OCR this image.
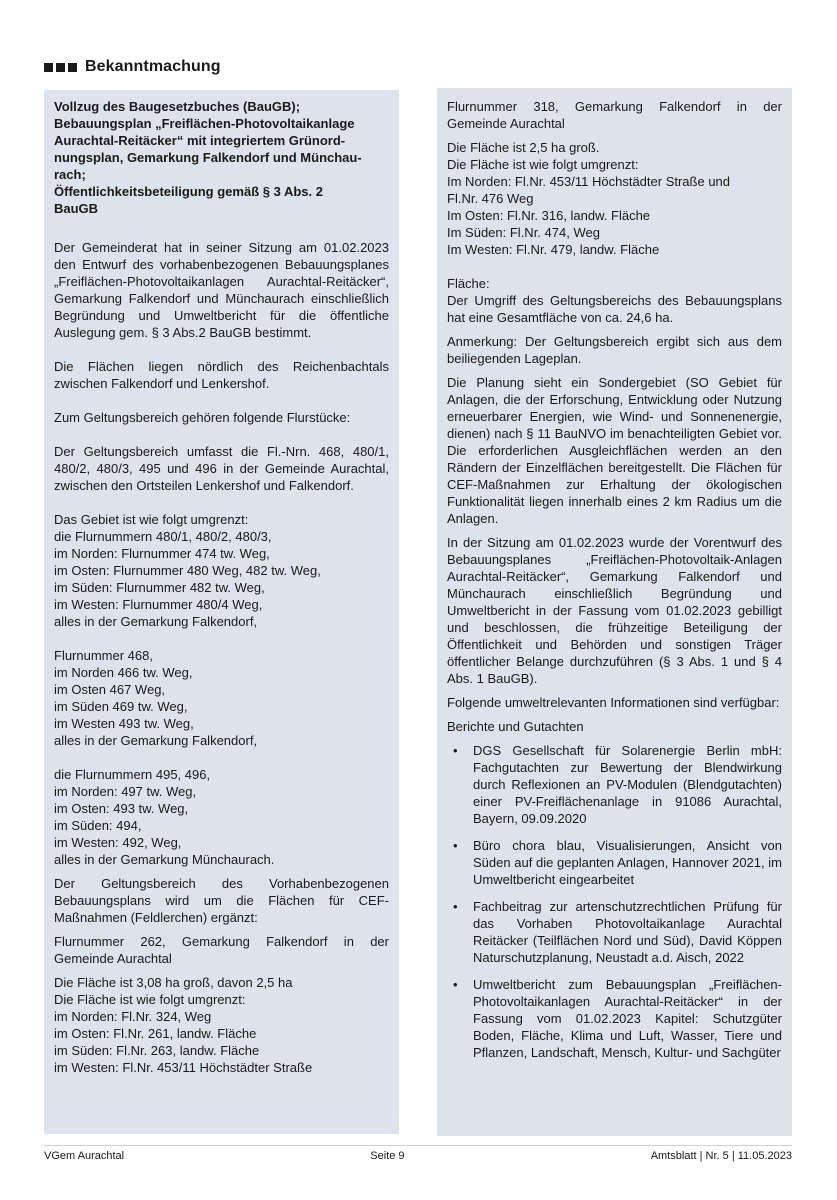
Bekanntmachung
Vollzug des Baugesetzbuches (BauGB);
Bebauungsplan „Freiflächen-Photovoltaikanlage
Aurachtal-Reitäcker“ mit integriertem Grünord-
nungsplan, Gemarkung Falkendorf und Münchau-
rach;
Öffentlichkeitsbeteiligung gemäß § 3 Abs. 2
BauGB

Der Gemeinderat hat in seiner Sitzung am 01.02.2023 den Entwurf des vorhabenbezogenen Bebauungsplanes „Freiflächen-Photovoltaikanlagen Aurachtal-Reitäcker“, Gemarkung Falkendorf und Münchaurach einschließlich Begründung und Umweltbericht für die öffentliche Auslegung gem. § 3 Abs.2 BauGB bestimmt.

Die Flächen liegen nördlich des Reichenbachtals zwischen Falkendorf und Lenkershof.

Zum Geltungsbereich gehören folgende Flurstücke:

Der Geltungsbereich umfasst die Fl.-Nrn. 468, 480/1, 480/2, 480/3, 495 und 496 in der Gemeinde Aurachtal, zwischen den Ortsteilen Lenkershof und Falkendorf.

Das Gebiet ist wie folgt umgrenzt:
die Flurnummern 480/1, 480/2, 480/3,
im Norden: Flurnummer 474 tw. Weg,
im Osten: Flurnummer 480 Weg, 482 tw. Weg,
im Süden: Flurnummer 482 tw. Weg,
im Westen: Flurnummer 480/4 Weg,
alles in der Gemarkung Falkendorf,
Flurnummer 468,
im Norden 466 tw. Weg,
im Osten 467 Weg,
im Süden 469 tw. Weg,
im Westen 493 tw. Weg,
alles in der Gemarkung Falkendorf,
die Flurnummern 495, 496,
im Norden: 497 tw. Weg,
im Osten: 493 tw. Weg,
im Süden: 494,
im Westen: 492, Weg,
alles in der Gemarkung Münchaurach.

Der Geltungsbereich des Vorhabenbezogenen Bebauungsplans wird um die Flächen für CEF-Maßnahmen (Feldlerchen) ergänzt:

Flurnummer 262, Gemarkung Falkendorf in der Gemeinde Aurachtal

Die Fläche ist 3,08 ha groß, davon 2,5 ha
Die Fläche ist wie folgt umgrenzt:
im Norden: Fl.Nr. 324, Weg
im Osten: Fl.Nr. 261, landw. Fläche
im Süden: Fl.Nr. 263, landw. Fläche
im Westen: Fl.Nr. 453/11 Höchstädter Straße

Flurnummer 318, Gemarkung Falkendorf in der Gemeinde Aurachtal

Die Fläche ist 2,5 ha groß.
Die Fläche ist wie folgt umgrenzt:
Im Norden: Fl.Nr. 453/11 Höchstädter Straße und
Fl.Nr. 476 Weg
Im Osten: Fl.Nr. 316, landw. Fläche
Im Süden: Fl.Nr. 474, Weg
Im Westen: Fl.Nr. 479, landw. Fläche
Fläche:
Der Umgriff des Geltungsbereichs des Bebauungsplans hat eine Gesamtfläche von ca. 24,6 ha.

Anmerkung: Der Geltungsbereich ergibt sich aus dem beiliegenden Lageplan.

Die Planung sieht ein Sondergebiet (SO Gebiet für Anlagen, die der Erforschung, Entwicklung oder Nutzung erneuerbarer Energien, wie Wind- und Sonnenenergie, dienen) nach § 11 BauNVO im benachteiligten Gebiet vor. Die erforderlichen Ausgleichflächen werden an den Rändern der Einzelflächen bereitgestellt. Die Flächen für CEF-Maßnahmen zur Erhaltung der ökologischen Funktionalität liegen innerhalb eines 2 km Radius um die Anlagen.

In der Sitzung am 01.02.2023 wurde der Vorentwurf des Bebauungsplanes „Freiflächen-Photovoltaik-Anlagen Aurachtal-Reitäcker“, Gemarkung Falkendorf und Münchaurach einschließlich Begründung und Umweltbericht in der Fassung vom 01.02.2023 gebilligt und beschlossen, die frühzeitige Beteiligung der Öffentlichkeit und Behörden und sonstigen Träger öffentlicher Belange durchzuführen (§ 3 Abs. 1 und § 4 Abs. 1 BauGB).

Folgende umweltrelevanten Informationen sind verfügbar:

Berichte und Gutachten

• DGS Gesellschaft für Solarenergie Berlin mbH: Fachgutachten zur Bewertung der Blendwirkung durch Reflexionen an PV-Modulen (Blendgutachten) einer PV-Freiflächenanlage in 91086 Aurachtal, Bayern, 09.09.2020
• Büro chora blau, Visualisierungen, Ansicht von Süden auf die geplanten Anlagen, Hannover 2021, im Umweltbericht eingearbeitet
• Fachbeitrag zur artenschutzrechtlichen Prüfung für das Vorhaben Photovoltaikanlage Aurachtal Reitäcker (Teilflächen Nord und Süd), David Köppen Naturschutzplanung, Neustadt a.d. Aisch, 2022
• Umweltbericht zum Bebauungsplan „Freiflächen-Photovoltaikanlagen Aurachtal-Reitäcker“ in der Fassung vom 01.02.2023 Kapitel: Schutzgüter Boden, Fläche, Klima und Luft, Wasser, Tiere und Pflanzen, Landschaft, Mensch, Kultur- und Sachgüter
VGem Aurachtal	Seite 9	Amtsblatt | Nr. 5 | 11.05.2023
